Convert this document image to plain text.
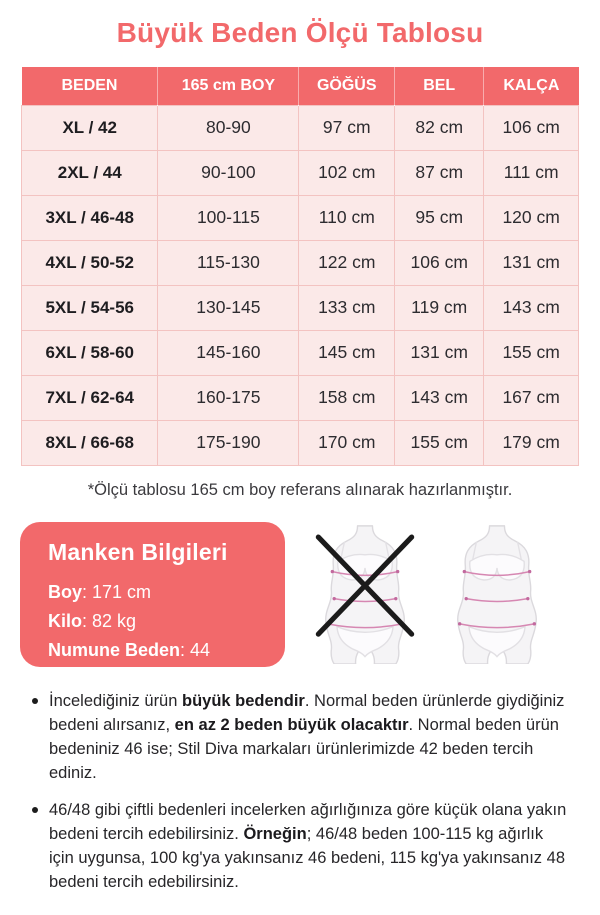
Büyük Beden Ölçü Tablosu
BEDEN	165 cm BOY	GÖĞÜS	BEL	KALÇA
XL / 42	80-90	97 cm	82 cm	106 cm
2XL / 44	90-100	102 cm	87 cm	111 cm
3XL / 46-48	100-115	110 cm	95 cm	120 cm
4XL / 50-52	115-130	122 cm	106 cm	131 cm
5XL / 54-56	130-145	133 cm	119 cm	143 cm
6XL / 58-60	145-160	145 cm	131 cm	155 cm
7XL / 62-64	160-175	158 cm	143 cm	167 cm
8XL / 66-68	175-190	170 cm	155 cm	179 cm

*Ölçü tablosu 165 cm boy referans alınarak hazırlanmıştır.

Manken Bilgileri
Boy: 171 cm
Kilo: 82 kg
Numune Beden: 44
İncelediğiniz ürün büyük bedendir. Normal beden ürünlerde giydiğiniz bedeni alırsanız, en az 2 beden büyük olacaktır. Normal beden ürün bedeniniz 46 ise; Stil Diva markaları ürünlerimizde 42 beden tercih ediniz.
46/48 gibi çiftli bedenleri incelerken ağırlığınıza göre küçük olana yakın bedeni tercih edebilirsiniz. Örneğin; 46/48 beden 100-115 kg ağırlık için uygunsa, 100 kg'ya yakınsanız 46 bedeni, 115 kg'ya yakınsanız 48 bedeni tercih edebilirsiniz.
